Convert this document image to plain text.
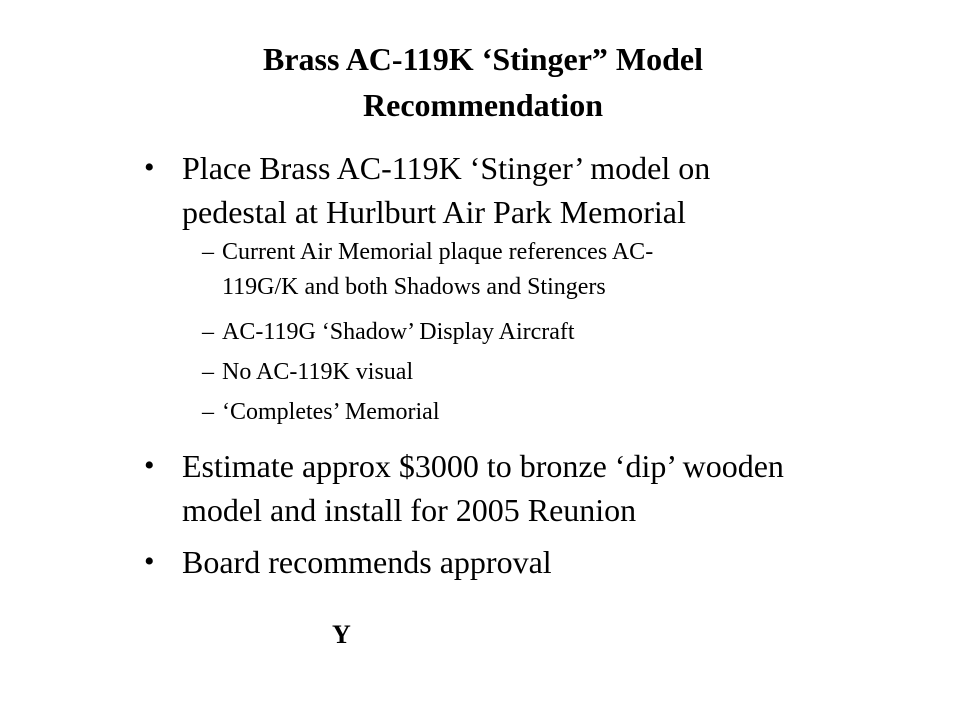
Brass AC-119K ‘Stinger” Model
Recommendation
• Place Brass AC-119K ‘Stinger’ model on
pedestal at Hurlburt Air Park Memorial
– Current Air Memorial plaque references AC-
119G/K and both Shadows and Stingers
– AC-119G ‘Shadow’ Display Aircraft
– No AC-119K visual
– ‘Completes’ Memorial
• Estimate approx $3000 to bronze ‘dip’ wooden
model and install for 2005 Reunion
• Board recommends approval
Y
